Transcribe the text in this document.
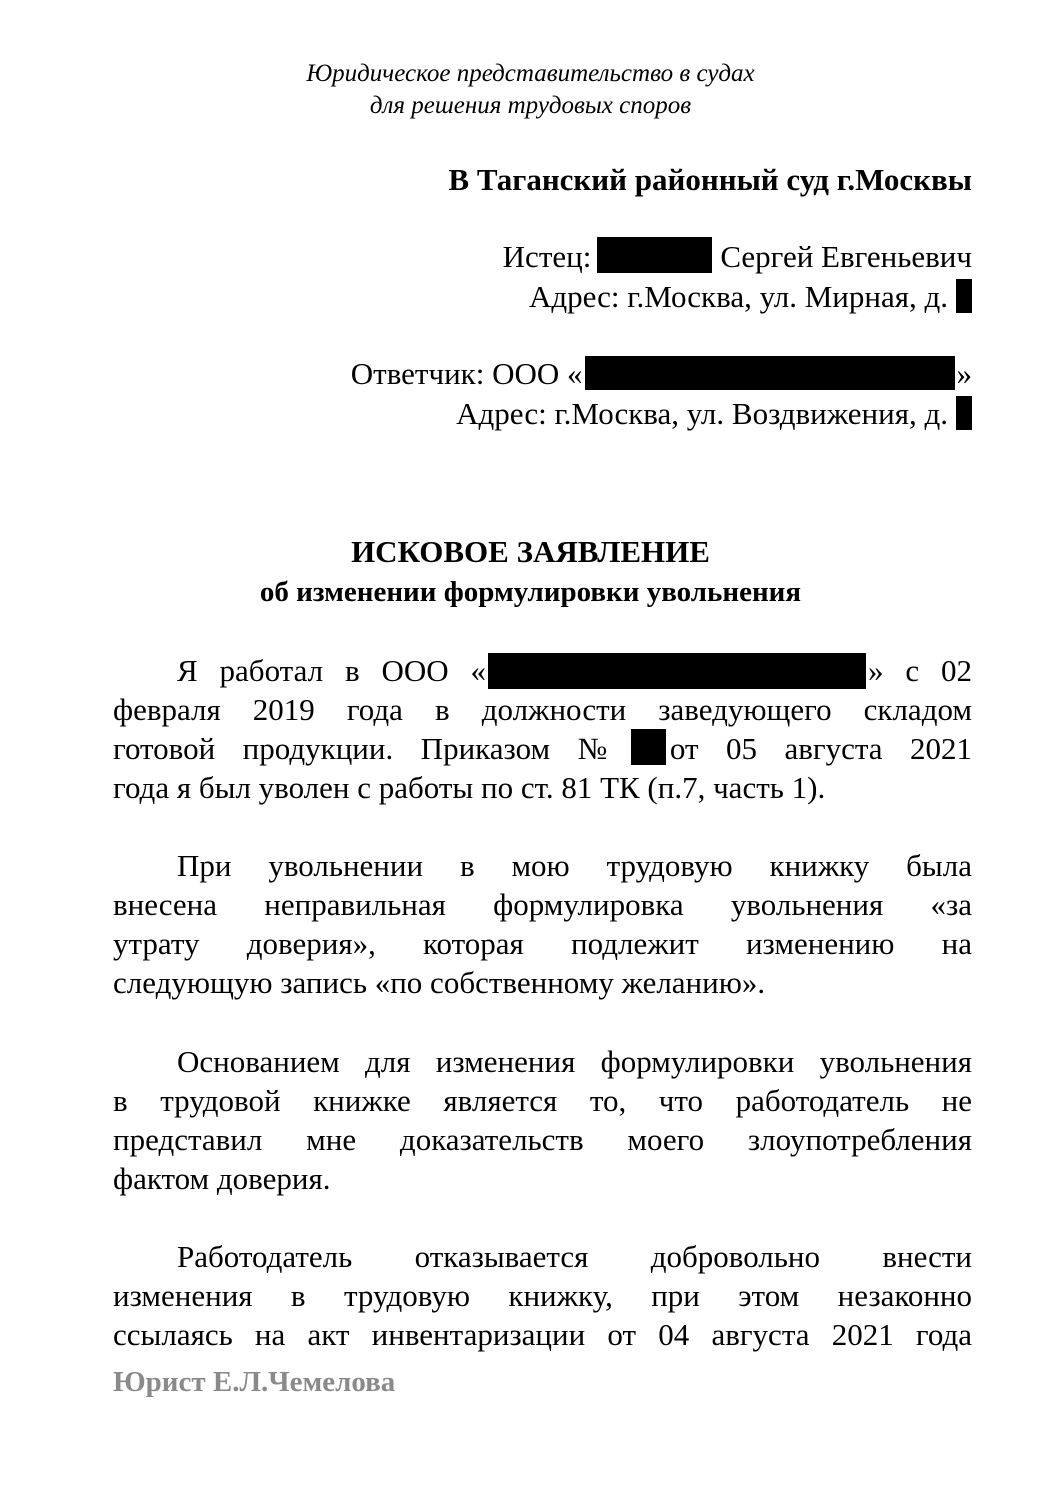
Юридическое представительство в судах
для решения трудовых споров
В Таганский районный суд г.Москвы
Истец:	Сергей Евгеньевич
Адрес: г.Москва, ул. Мирная, д.
Ответчик: ООО «	»
Адрес: г.Москва, ул. Воздвижения, д.
ИСКОВОЕ ЗАЯВЛЕНИЕ
об изменении формулировки увольнения
Я работал в ООО «	» с 02
февраля 2019 года в должности заведующего складом
готовой продукции. Приказом № от 05 августа 2021
года я был уволен с работы по ст. 81 ТК (п.7, часть 1).
При увольнении в мою трудовую книжку была
внесена неправильная формулировка увольнения «за
утрату доверия», которая подлежит изменению на
следующую запись «по собственному желанию».
Основанием для изменения формулировки увольнения
в трудовой книжке является то, что работодатель не
представил мне доказательств моего злоупотребления
фактом доверия.
Работодатель отказывается добровольно внести
изменения в трудовую книжку, при этом незаконно
ссылаясь на акт инвентаризации от 04 августа 2021 года
Юрист Е.Л.Чемелова
